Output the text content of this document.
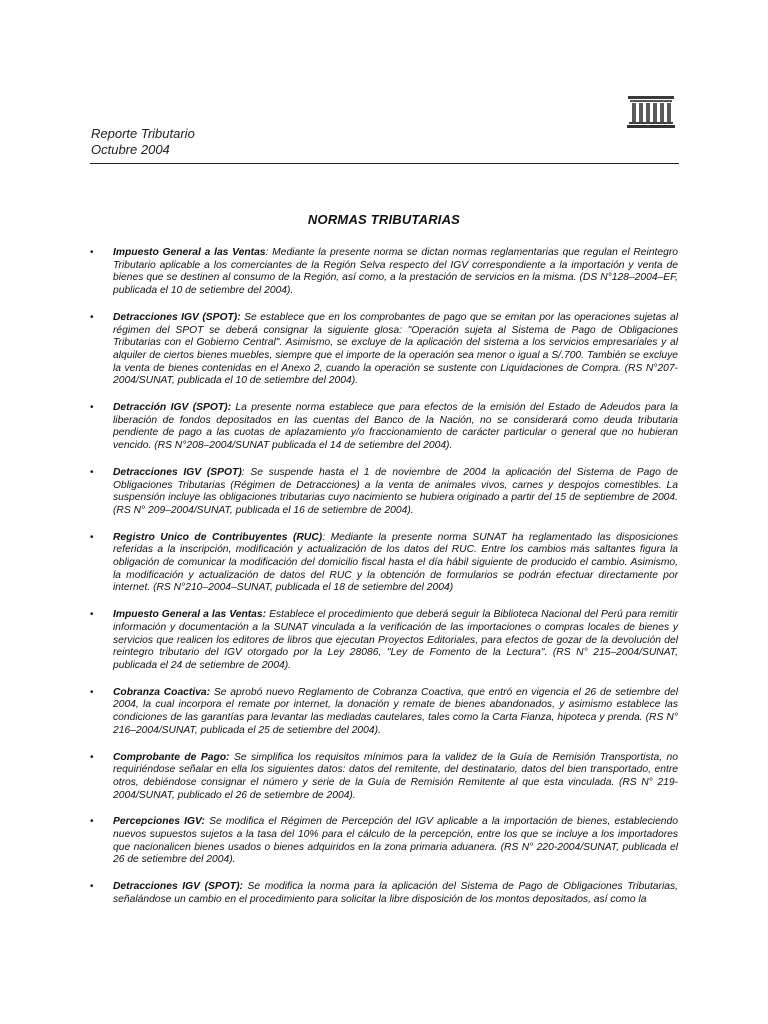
Reporte Tributario
Octubre 2004
NORMAS TRIBUTARIAS
• Impuesto General a las Ventas: Mediante la presente norma se dictan normas reglamentarias que regulan el Reintegro Tributario aplicable a los comerciantes de la Región Selva respecto del IGV correspondiente a la importación y venta de bienes que se destinen al consumo de la Región, así como, a la prestación de servicios en la misma. (DS N°128–2004–EF, publicada el 10 de setiembre del 2004).
• Detracciones IGV (SPOT): Se establece que en los comprobantes de pago que se emitan por las operaciones sujetas al régimen del SPOT se deberá consignar la siguiente glosa: "Operación sujeta al Sistema de Pago de Obligaciones Tributarias con el Gobierno Central". Asimismo, se excluye de la aplicación del sistema a los servicios empresariales y al alquiler de ciertos bienes muebles, siempre que el importe de la operación sea menor o igual a S/.700. También se excluye la venta de bienes contenidas en el Anexo 2, cuando la operación se sustente con Liquidaciones de Compra. (RS N°207-2004/SUNAT, publicada el 10 de setiembre del 2004).
• Detracción IGV (SPOT): La presente norma establece que para efectos de la emisión del Estado de Adeudos para la liberación de fondos depositados en las cuentas del Banco de la Nación, no se considerará como deuda tributaria pendiente de pago a las cuotas de aplazamiento y/o fraccionamiento de carácter particular o general que no hubieran vencido. (RS N°208–2004/SUNAT publicada el 14 de setiembre del 2004).
• Detracciones IGV (SPOT): Se suspende hasta el 1 de noviembre de 2004 la aplicación del Sistema de Pago de Obligaciones Tributarias (Régimen de Detracciones) a la venta de animales vivos, carnes y despojos comestibles. La suspensión incluye las obligaciones tributarias cuyo nacimiento se hubiera originado a partir del 15 de septiembre de 2004. (RS N° 209–2004/SUNAT, publicada el 16 de setiembre de 2004).
• Registro Unico de Contribuyentes (RUC): Mediante la presente norma SUNAT ha reglamentado las disposiciones referidas a la inscripción, modificación y actualización de los datos del RUC. Entre los cambios más saltantes figura la obligación de comunicar la modificación del domicilio fiscal hasta el día hábil siguiente de producido el cambio. Asimismo, la modificación y actualización de datos del RUC y la obtención de formularios se podrán efectuar directamente por internet. (RS N°210–2004–SUNAT, publicada el 18 de setiembre del 2004)
• Impuesto General a las Ventas: Establece el procedimiento que deberá seguir la Biblioteca Nacional del Perú para remitir información y documentación a la SUNAT vinculada a la verificación de las importaciones o compras locales de bienes y servicios que realicen los editores de libros que ejecutan Proyectos Editoriales, para efectos de gozar de la devolución del reintegro tributario del IGV otorgado por la Ley 28086, "Ley de Fomento de la Lectura". (RS N° 215–2004/SUNAT, publicada el 24 de setiembre de 2004).
• Cobranza Coactiva: Se aprobó nuevo Reglamento de Cobranza Coactiva, que entró en vigencia el 26 de setiembre del 2004, la cual incorpora el remate por internet, la donación y remate de bienes abandonados, y asimismo establece las condiciones de las garantías para levantar las mediadas cautelares, tales como la Carta Fianza, hipoteca y prenda. (RS N° 216–2004/SUNAT, publicada el 25 de setiembre del 2004).
• Comprobante de Pago: Se simplifica los requisitos mínimos para la validez de la Guía de Remisión Transportista, no requiriéndose señalar en ella los siguientes datos: datos del remitente, del destinatario, datos del bien transportado, entre otros, debiéndose consignar el número y serie de la Guía de Remisión Remitente al que esta vinculada. (RS N° 219-2004/SUNAT, publicado el 26 de setiembre de 2004).
• Percepciones IGV: Se modifica el Régimen de Percepción del IGV aplicable a la importación de bienes, estableciendo nuevos supuestos sujetos a la tasa del 10% para el cálculo de la percepción, entre los que se incluye a los importadores que nacionalicen bienes usados o bienes adquiridos en la zona primaria aduanera. (RS N° 220-2004/SUNAT, publicada el 26 de setiembre del 2004).
• Detracciones IGV (SPOT): Se modifica la norma para la aplicación del Sistema de Pago de Obligaciones Tributarias, señalándose un cambio en el procedimiento para solicitar la libre disposición de los montos depositados, así como la
